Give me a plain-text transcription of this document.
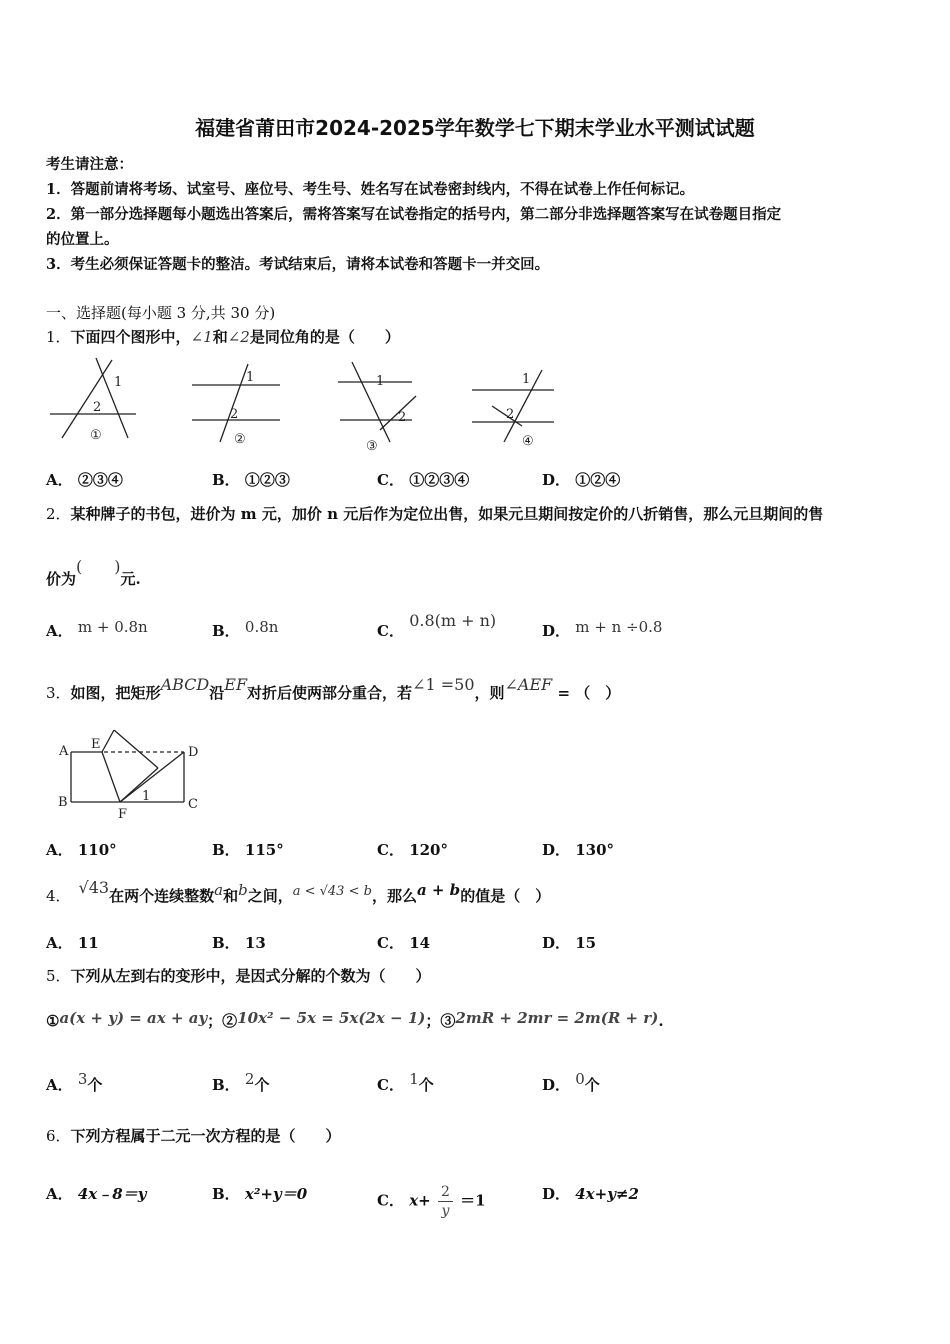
福建省莆田市2024-2025学年数学七下期末学业水平测试试题
考生请注意：
1．答题前请将考场、试室号、座位号、考生号、姓名写在试卷密封线内，不得在试卷上作任何标记。
2．第一部分选择题每小题选出答案后，需将答案写在试卷指定的括号内，第二部分非选择题答案写在试卷题目指定
的位置上。
3．考生必须保证答题卡的整洁。考试结束后，请将本试卷和答题卡一并交回。
一、选择题(每小题 3 分,共 30 分)
1．下面四个图形中，∠1和∠2是同位角的是（　　）
1
2
①
1
2
②
1
2
③
1
2
④
A． ②③④	B． ①②③	C． ①②③④	D． ①②④
2．某种牌子的书包，进价为 m 元，加价 n 元后作为定位出售，如果元旦期间按定价的八折销售，那么元旦期间的售
价为(　　)元.
A． m + 0.8n	B． 0.8n	C． 0.8(m + n)
D． m + n ÷0.8
3．如图，把矩形ABCD沿EF对折后使两部分重合，若∠1 =50，则∠AEF = （　）
A E
D
B
F
C
1
A． 110°	B． 115°	C． 120°	D． 130°
4． √43在两个连续整数a和b之间，a < √43 < b，那么a + b的值是（　）
A． 11	B． 13	C． 14	D． 15
5．下列从左到右的变形中，是因式分解的个数为（　　）
①a(x + y) = ax + ay；②10x² − 5x = 5x(2x − 1)；③2mR + 2mr = 2m(R + r).
A． 3个	B． 2个	C． 1个	D． 0个
6．下列方程属于二元一次方程的是（　　）
A． 4x﹣8＝y	B． x²+y＝0	C． $x+ \frac{2}{y} =1$	D． 4x+y≠2
